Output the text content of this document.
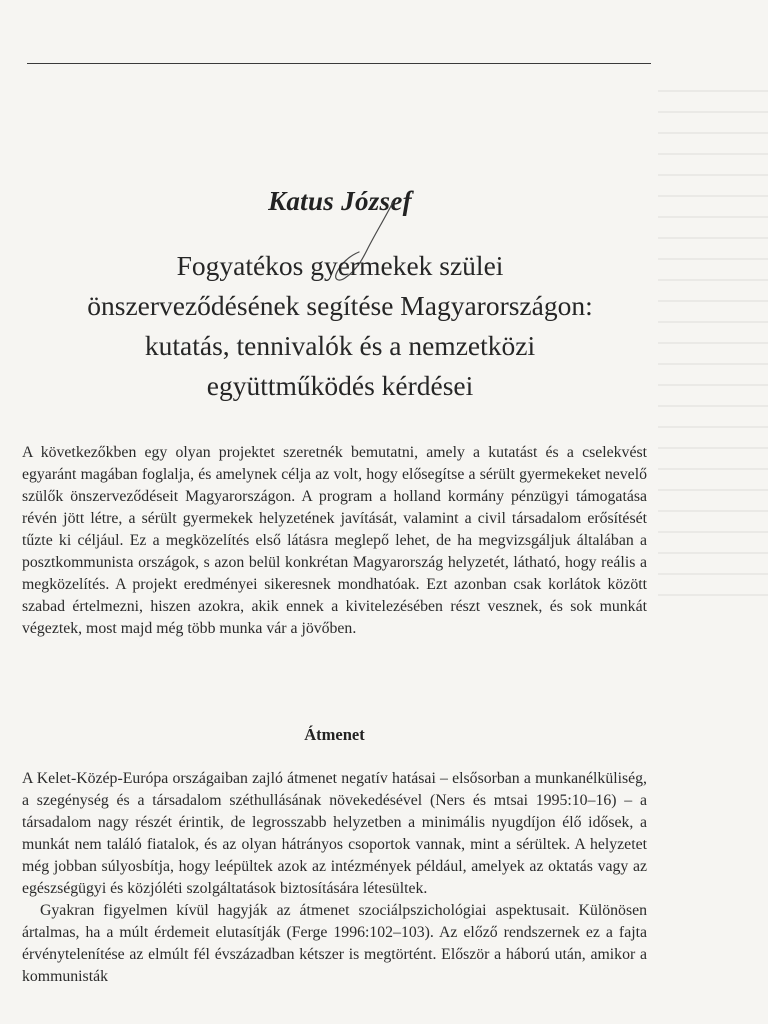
Katus József
Fogyatékos gyermekek szülei
önszerveződésének segítése Magyarországon:
kutatás, tennivalók és a nemzetközi
együttműködés kérdései

A következőkben egy olyan projektet szeretnék bemutatni, amely a kutatást és a cselekvést egyaránt magában foglalja, és amelynek célja az volt, hogy elősegítse a sérült gyermekeket nevelő szülők önszerveződéseit Magyarországon. A program a holland kormány pénzügyi támogatása révén jött létre, a sérült gyermekek helyzetének javítását, valamint a civil társadalom erősítését tűzte ki céljául. Ez a megközelítés első látásra meglepő lehet, de ha megvizsgáljuk általában a posztkommunista országok, s azon belül konkrétan Magyarország helyzetét, látható, hogy reális a megközelítés. A projekt eredményei sikeresnek mondhatóak. Ezt azonban csak korlátok között szabad értelmezni, hiszen azokra, akik ennek a kivitelezésében részt vesznek, és sok munkát végeztek, most majd még több munka vár a jövőben.

Átmenet

A Kelet-Közép-Európa országaiban zajló átmenet negatív hatásai – elsősorban a munkanélküliség, a szegénység és a társadalom széthullásának növekedésével (Ners és mtsai 1995:10–16) – a társadalom nagy részét érintik, de legrosszabb helyzetben a minimális nyugdíjon élő idősek, a munkát nem találó fiatalok, és az olyan hátrányos csoportok vannak, mint a sérültek. A helyzetet még jobban súlyosbítja, hogy leépültek azok az intézmények például, amelyek az oktatás vagy az egészségügyi és közjóléti szolgáltatások biztosítására létesültek.

Gyakran figyelmen kívül hagyják az átmenet szociálpszichológiai aspektusait. Különösen ártalmas, ha a múlt érdemeit elutasítják (Ferge 1996:102–103). Az előző rendszernek ez a fajta érvénytelenítése az elmúlt fél évszázadban kétszer is megtörtént. Először a háború után, amikor a kommunisták
